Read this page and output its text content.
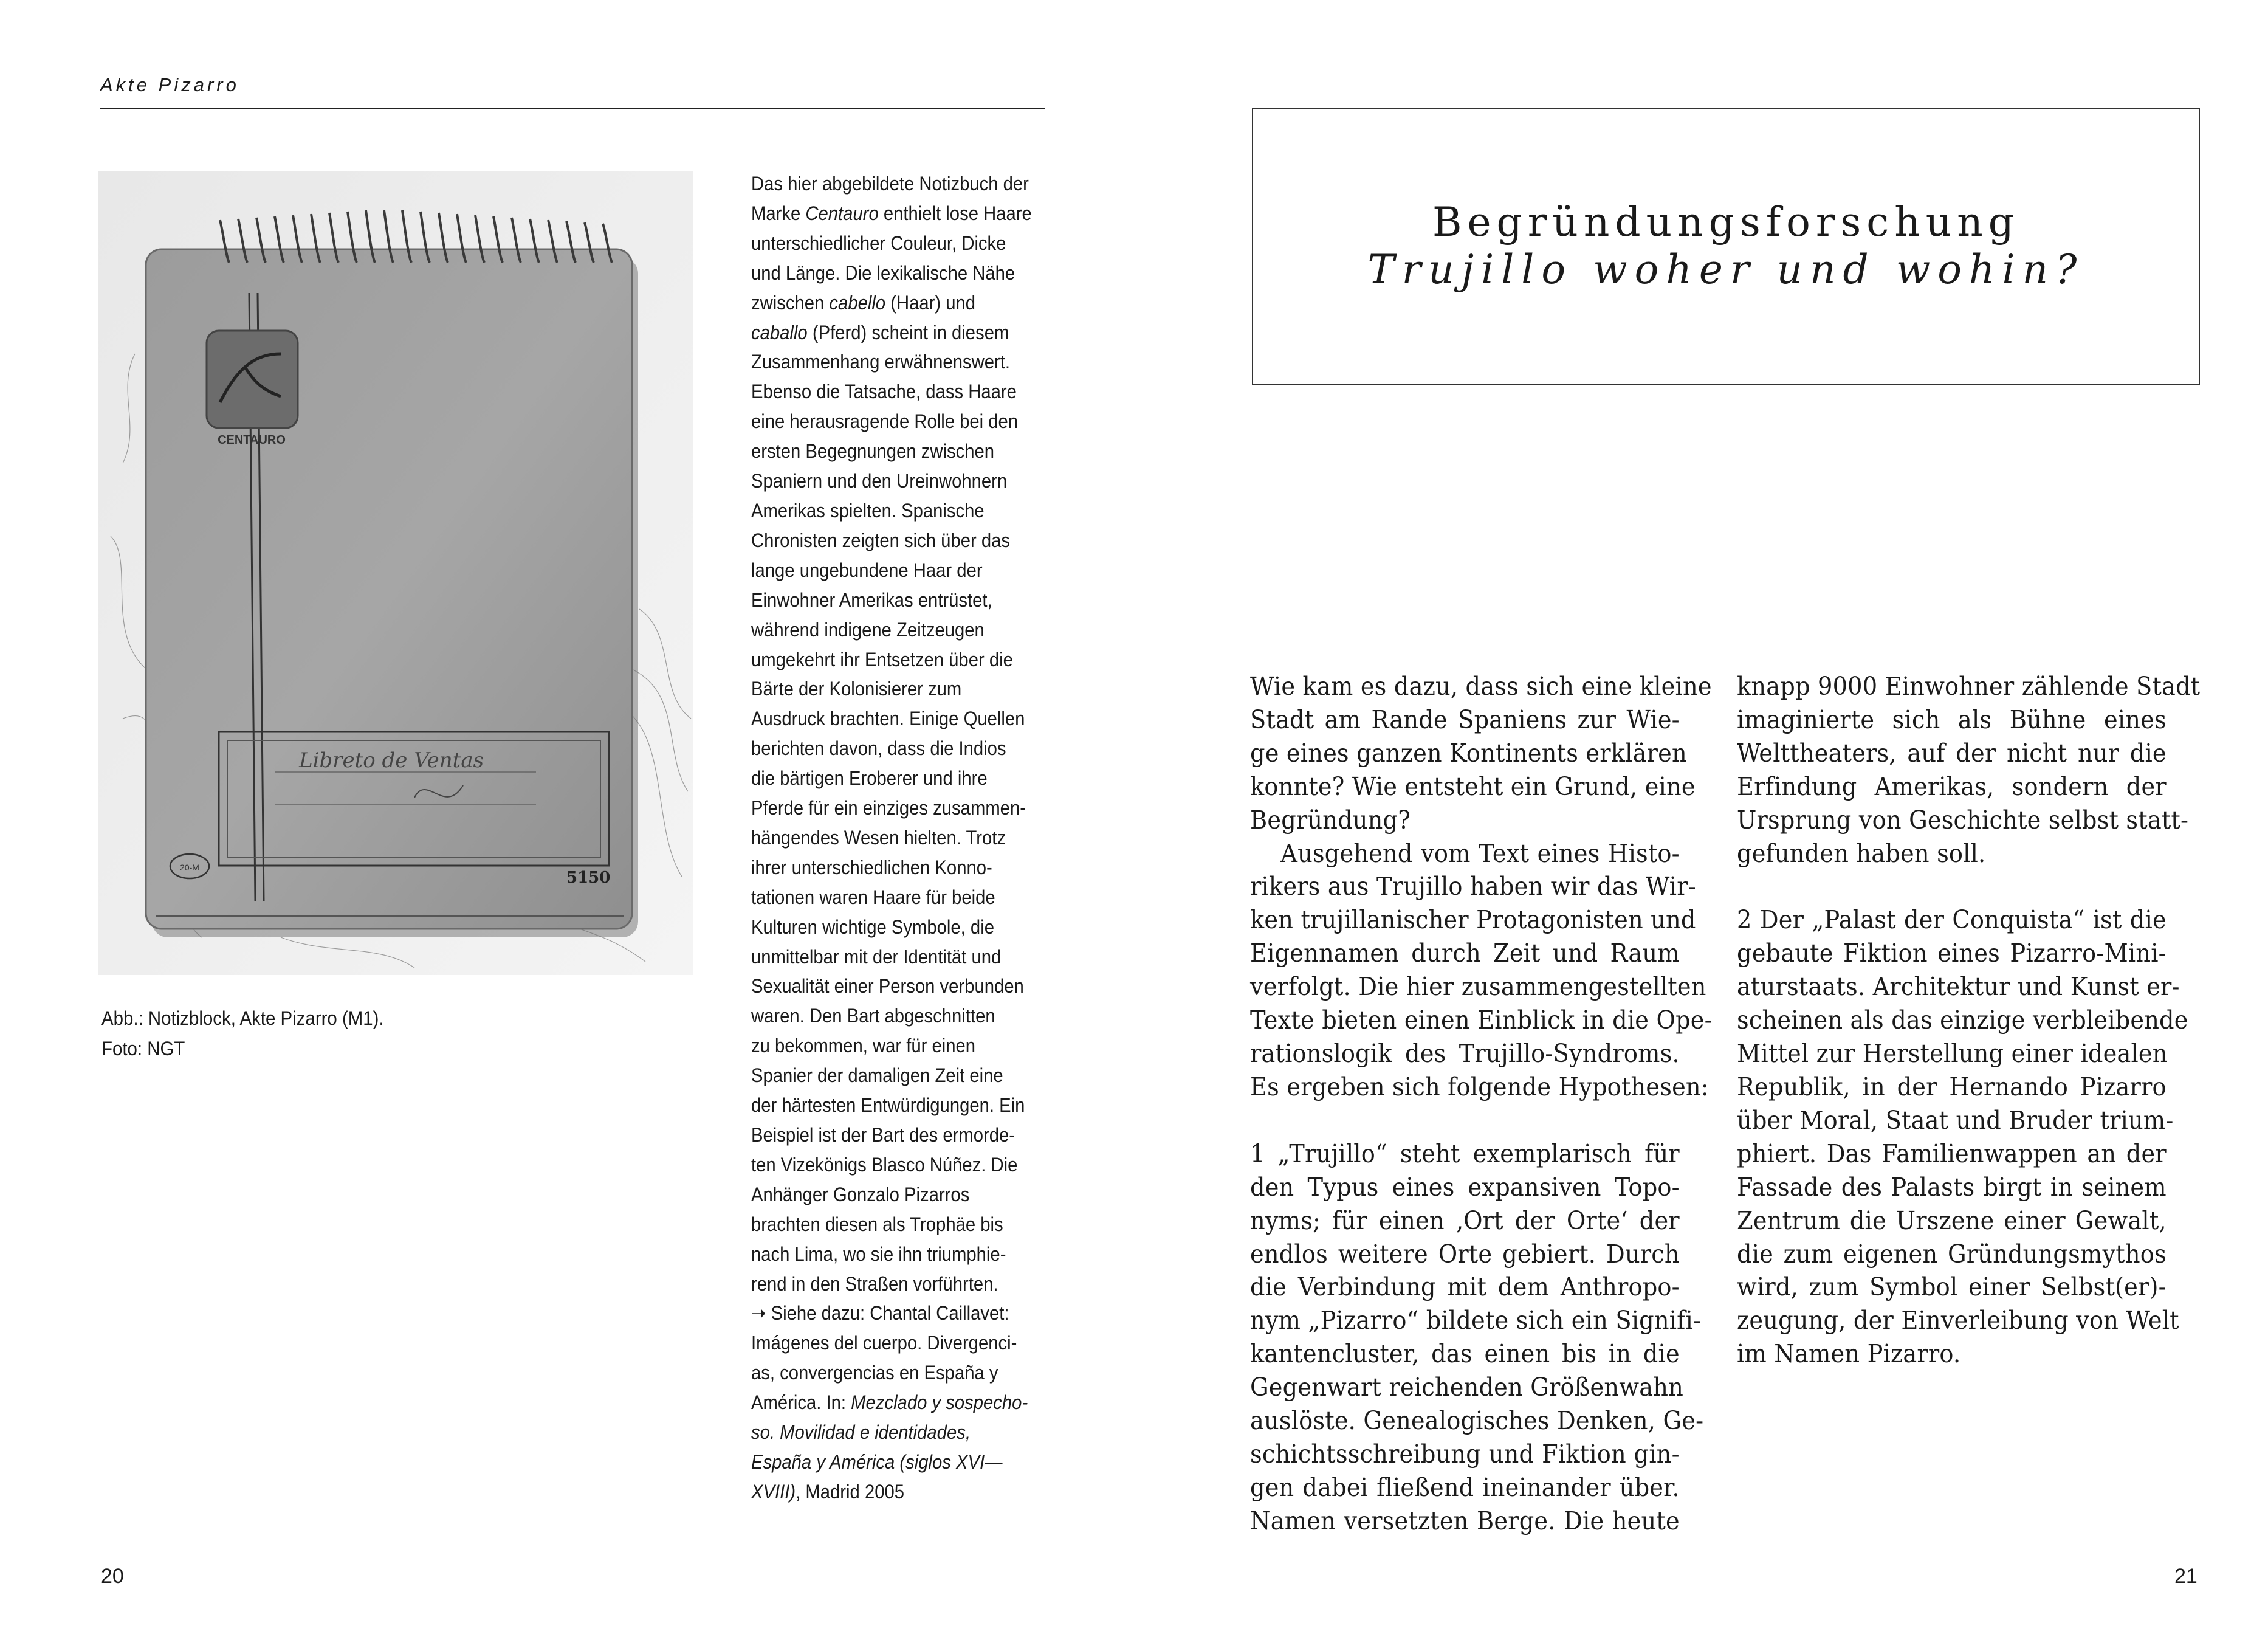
Akte Pizarro
CENTAURO
Libreto de Ventas
20-M
5150
Abb.: Notizblock, Akte Pizarro (M1).
Foto: NGT

Das hier abgebildete Notizbuch der

Marke Centauro enthielt lose Haare

unterschiedlicher Couleur, Dicke

und Länge. Die lexikalische Nähe

zwischen cabello (Haar) und

caballo (Pferd) scheint in diesem

Zusammenhang erwähnenswert.

Ebenso die Tatsache, dass Haare

eine herausragende Rolle bei den

ersten Begegnungen zwischen

Spaniern und den Ureinwohnern

Amerikas spielten. Spanische

Chronisten zeigten sich über das

lange ungebundene Haar der

Einwohner Amerikas entrüstet,

während indigene Zeitzeugen

umgekehrt ihr Entsetzen über die

Bärte der Kolonisierer zum

Ausdruck brachten. Einige Quellen

berichten davon, dass die Indios

die bärtigen Eroberer und ihre

Pferde für ein einziges zusammen-

hängendes Wesen hielten. Trotz

ihrer unterschiedlichen Konno-

tationen waren Haare für beide

Kulturen wichtige Symbole, die

unmittelbar mit der Identität und

Sexualität einer Person verbunden

waren. Den Bart abgeschnitten

zu bekommen, war für einen

Spanier der damaligen Zeit eine

der härtesten Entwürdigungen. Ein

Beispiel ist der Bart des ermorde-

ten Vizekönigs Blasco Núñez. Die

Anhänger Gonzalo Pizarros

brachten diesen als Trophäe bis

nach Lima, wo sie ihn triumphie-

rend in den Straßen vorführten.

➝ Siehe dazu: Chantal Caillavet:

Imágenes del cuerpo. Divergenci-

as, convergencias en España y

América. In: Mezclado y sospecho-

so. Movilidad e identidades,

España y América (siglos XVI—

XVIII), Madrid 2005

20
Begründungsforschung
Trujillo woher und wohin?

Wie kam es dazu, dass sich eine kleine

Stadt am Rande Spaniens zur Wie-

ge eines ganzen Kontinents erklären

konnte? Wie entsteht ein Grund, eine

Begründung?

Ausgehend vom Text eines Histo-

rikers aus Trujillo haben wir das Wir-

ken trujillanischer Protagonisten und

Eigennamen durch Zeit und Raum

verfolgt. Die hier zusammengestellten

Texte bieten einen Einblick in die Ope-

rationslogik des Trujillo-Syndroms.

Es ergeben sich folgende Hypothesen:

1 „Trujillo“ steht exemplarisch für

den Typus eines expansiven Topo-

nyms; für einen ‚Ort der Orte‘ der

endlos weitere Orte gebiert. Durch

die Verbindung mit dem Anthropo-

nym „Pizarro“ bildete sich ein Signifi-

kantencluster, das einen bis in die

Gegenwart reichenden Größenwahn

auslöste. Genealogisches Denken, Ge-

schichtsschreibung und Fiktion gin-

gen dabei fließend ineinander über.

Namen versetzten Berge. Die heute

knapp 9000 Einwohner zählende Stadt

imaginierte sich als Bühne eines

Welttheaters, auf der nicht nur die

Erfindung Amerikas, sondern der

Ursprung von Geschichte selbst statt-

gefunden haben soll.

2 Der „Palast der Conquista“ ist die

gebaute Fiktion eines Pizarro-Mini-

aturstaats. Architektur und Kunst er-

scheinen als das einzige verbleibende

Mittel zur Herstellung einer idealen

Republik, in der Hernando Pizarro

über Moral, Staat und Bruder trium-

phiert. Das Familienwappen an der

Fassade des Palasts birgt in seinem

Zentrum die Urszene einer Gewalt,

die zum eigenen Gründungsmythos

wird, zum Symbol einer Selbst(er)-

zeugung, der Einverleibung von Welt

im Namen Pizarro.

21
